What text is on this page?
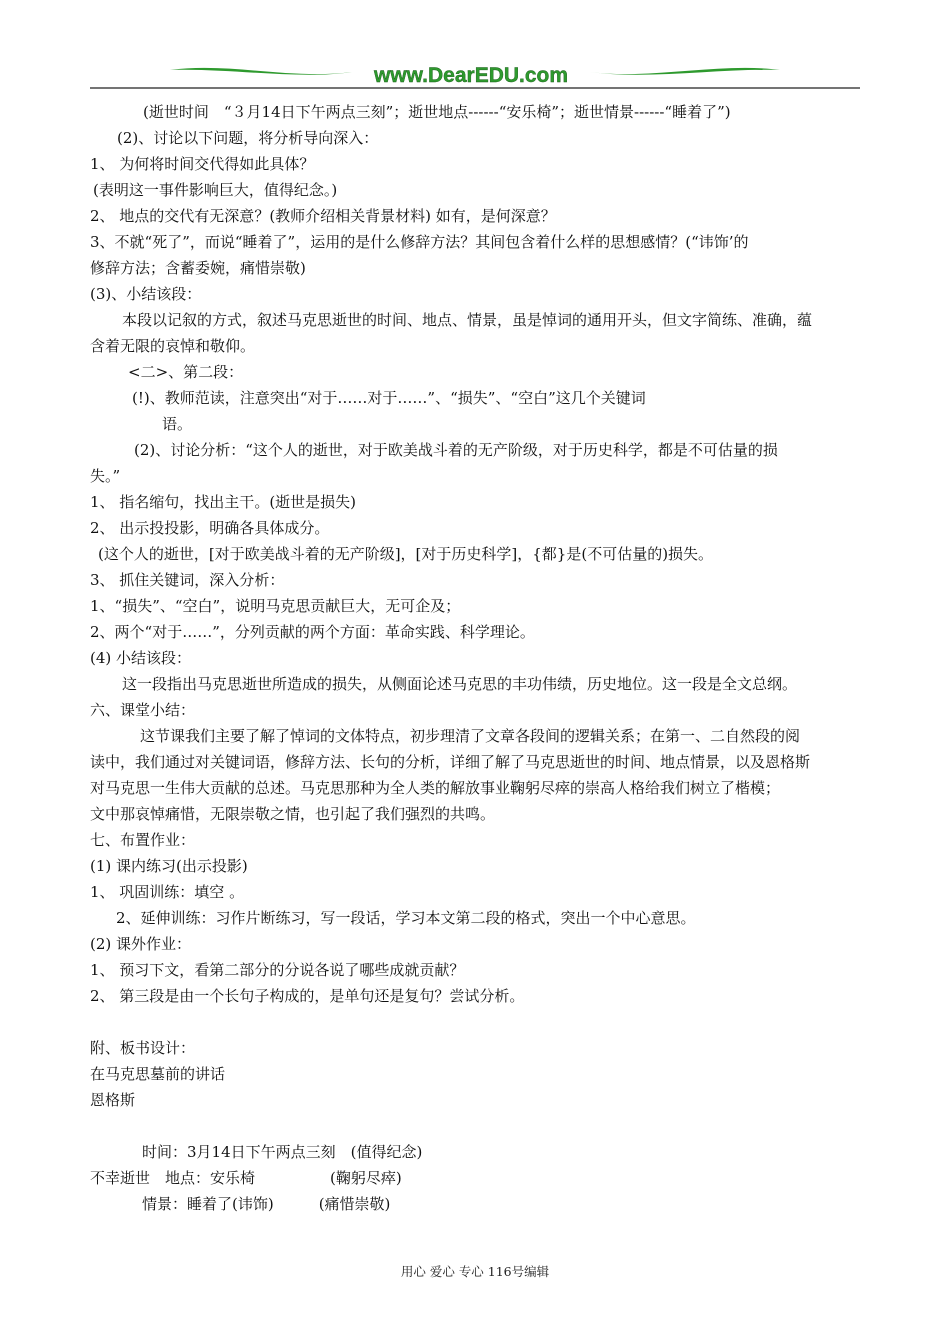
www.DearEDU.com
(逝世时间　“３月14日下午两点三刻”；逝世地点------“安乐椅”；逝世情景------“睡着了”)
(2)、讨论以下问题，将分析导向深入：
1、 为何将时间交代得如此具体？
(表明这一事件影响巨大，值得纪念。)
2、 地点的交代有无深意？(教师介绍相关背景材料) 如有，是何深意？
3、不就“死了”，而说“睡着了”，运用的是什么修辞方法？其间包含着什么样的思想感情？(“讳饰’的
修辞方法；含蓄委婉，痛惜崇敬)
(3)、小结该段：
本段以记叙的方式，叙述马克思逝世的时间、地点、情景，虽是悼词的通用开头，但文字简练、准确，蕴
含着无限的哀悼和敬仰。
<二>、第二段：
(!)、教师范读，注意突出“对于……对于……”、“损失”、“空白”这几个关键词
语。
(2)、讨论分析：“这个人的逝世，对于欧美战斗着的无产阶级，对于历史科学，都是不可估量的损
失。”
1、 指名缩句，找出主干。(逝世是损失)
2、 出示投投影，明确各具体成分。
(这个人的逝世，[对于欧美战斗着的无产阶级]，[对于历史科学]，{都}是(不可估量的)损失。
3、 抓住关键词，深入分析：
1、“损失”、“空白”，说明马克思贡献巨大，无可企及；
2、两个“对于……”，分列贡献的两个方面：革命实践、科学理论。
(4) 小结该段：
这一段指出马克思逝世所造成的损失，从侧面论述马克思的丰功伟绩，历史地位。这一段是全文总纲。
六、课堂小结：
这节课我们主要了解了悼词的文体特点，初步理清了文章各段间的逻辑关系；在第一、二自然段的阅
读中，我们通过对关键词语，修辞方法、长句的分析，详细了解了马克思逝世的时间、地点情景，以及恩格斯
对马克思一生伟大贡献的总述。马克思那种为全人类的解放事业鞠躬尽瘁的崇高人格给我们树立了楷模；
文中那哀悼痛惜，无限崇敬之情，也引起了我们强烈的共鸣。
七、布置作业：
(1) 课内练习(出示投影)
1、 巩固训练：填空 。
2、延伸训练：习作片断练习，写一段话，学习本文第二段的格式，突出一个中心意思。
(2) 课外作业：
1、 预习下文，看第二部分的分说各说了哪些成就贡献？
2、 第三段是由一个长句子构成的，是单句还是复句？尝试分析。
附、板书设计：
在马克思墓前的讲话
恩格斯
时间：3月14日下午两点三刻　(值得纪念)
不幸逝世　地点：安乐椅　　　　　(鞠躬尽瘁)
情景：睡着了(讳饰)　　　(痛惜崇敬)
用心 爱心 专心 116号编辑
